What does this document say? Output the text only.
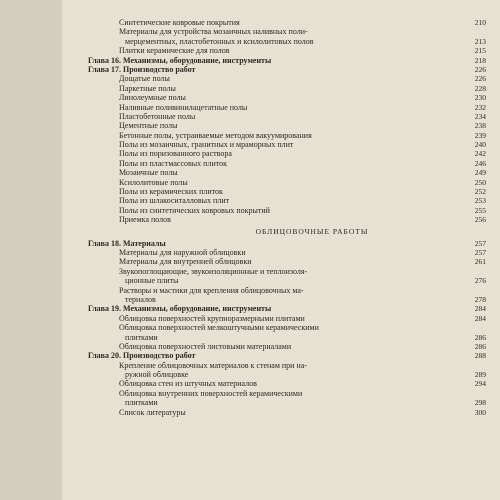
Синтетические ковровые покрытия	210
Материалы для устройства мозаичных наливных поли-
мерцементных, пластобетонных и ксилолитовых полов	213
Плитки керамические для полов	215
Глава 16. Механизмы, оборудование, инструменты	218
Глава 17. Производство работ	226
Дощатые полы	226
Паркетные полы	228
Линолеумные полы	230
Наливные поливинилацетатные полы	232
Пластобетонные полы	234
Цементные полы	238
Бетонные полы, устраиваемые методом вакуумирования	239
Полы из мозаичных, гранитных и мраморных плит	240
Полы из поризованного раствора	242
Полы из пластмассовых плиток	246
Мозаичные полы	249
Ксилолитовые полы	250
Полы из керамических плиток	252
Полы из шлакоситалловых плит	253
Полы из синтетических ковровых покрытий	255
Приемка полов	256
ОБЛИЦОВОЧНЫЕ РАБОТЫ
Глава 18. Материалы	257
Материалы для наружной облицовки	257
Материалы для внутренней облицовки	261
Звукопоглощающие, звукоизоляционные и теплоизоля-
ционные плиты	276
Растворы и мастики для крепления облицовочных ма-
териалов	278
Глава 19. Механизмы, оборудование, инструменты	284
Облицовка поверхностей крупноразмерными плитами	284
Облицовка поверхностей мелкоштучными керамическими
плитками	286
Облицовка поверхностей листовыми материалами	286
Глава 20. Производство работ	288
Крепление облицовочных материалов к стенам при на-
ружной облицовке	289
Облицовка стен из штучных материалов	294
Облицовка внутренних поверхностей керамическими
плитками	298
Список литературы	300
